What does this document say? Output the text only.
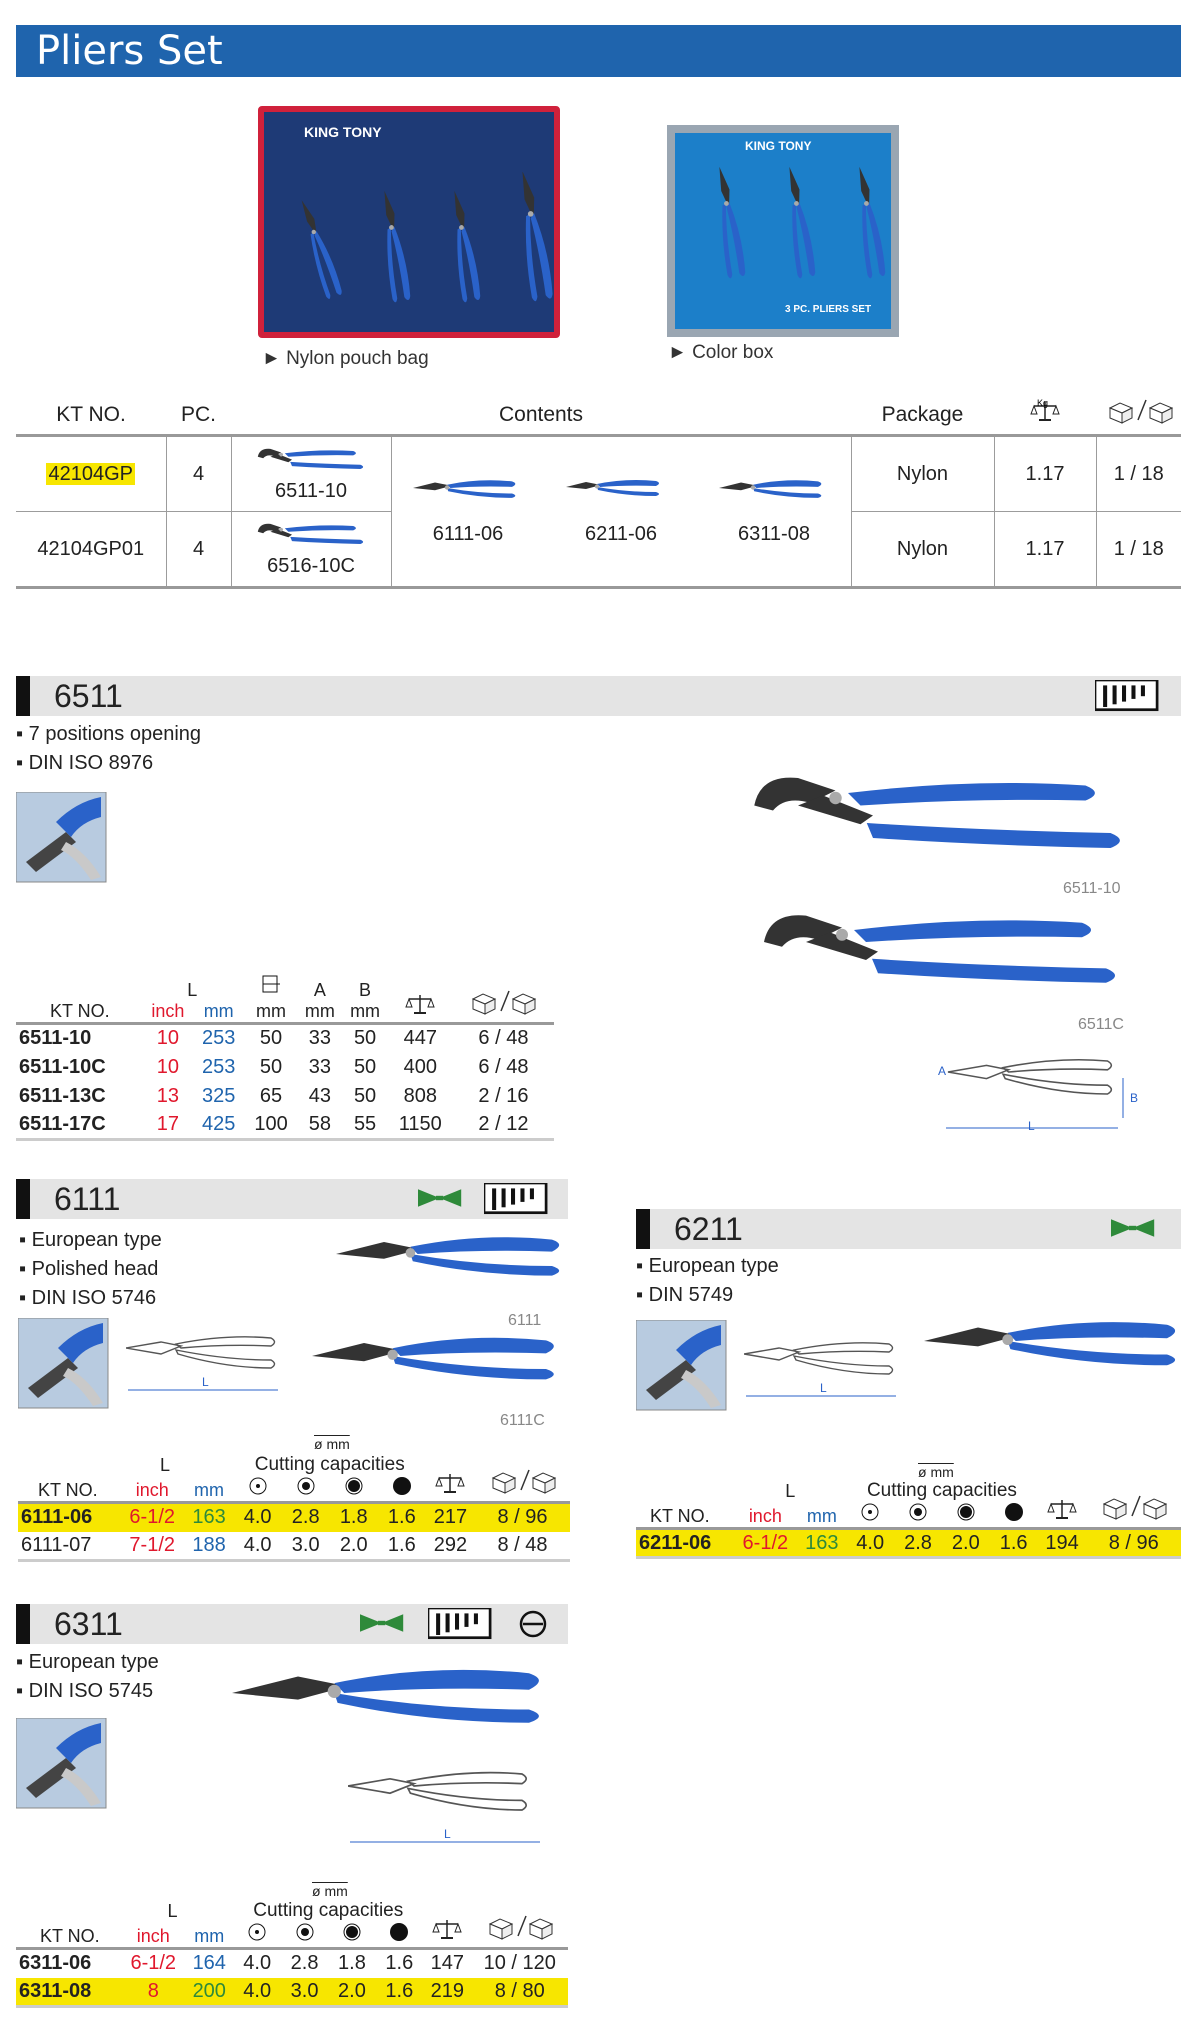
Pliers Set
KING TONY
► Nylon pouch bag
KING TONY
3 PC. PLIERS SET
► Color box
KT NO.	PC.	Contents		Package	Kg

42104GP	4	6511-10	6111-06 6211-06 6311-08	Nylon	1.17	1 / 18
42104GP01	4	6516-10C		Nylon	1.17	1 / 18
6511
▪ 7 positions opening
▪ DIN ISO 8976
6511-10
6511C
A
L
B
KT NO.	L			A	B		
	inch	mm	mm	mm	mm		
6511-10	10	253	50	33	50	447	6 / 48
6511-10C	10	253	50	33	50	400	6 / 48
6511-13C	13	325	65	43	50	808	2 / 16
6511-17C	17	425	100	58	55	1150	2 / 12
6111
▪ European type
▪ Polished head
▪ DIN ISO 5746
6111
L
6111C
ø mm
KT NO.	L		Cutting capacities		
	inch	mm				
6111-06	6-1/2	163	4.0	2.8	1.8	1.6	217	8 / 96
6111-07	7-1/2	188	4.0	3.0	2.0	1.6	292	8 / 48
6211
▪ European type
▪ DIN 5749
L
ø mm
KT NO.	L		Cutting capacities		
	inch	mm				
6211-06	6-1/2	163	4.0	2.8	2.0	1.6	194	8 / 96
6311
▪ European type
▪ DIN ISO 5745
L
ø mm
KT NO.	L		Cutting capacities		
	inch	mm				
6311-06	6-1/2	164	4.0	2.8	1.8	1.6	147	10 / 120
6311-08	8	200	4.0	3.0	2.0	1.6	219	8 / 80
